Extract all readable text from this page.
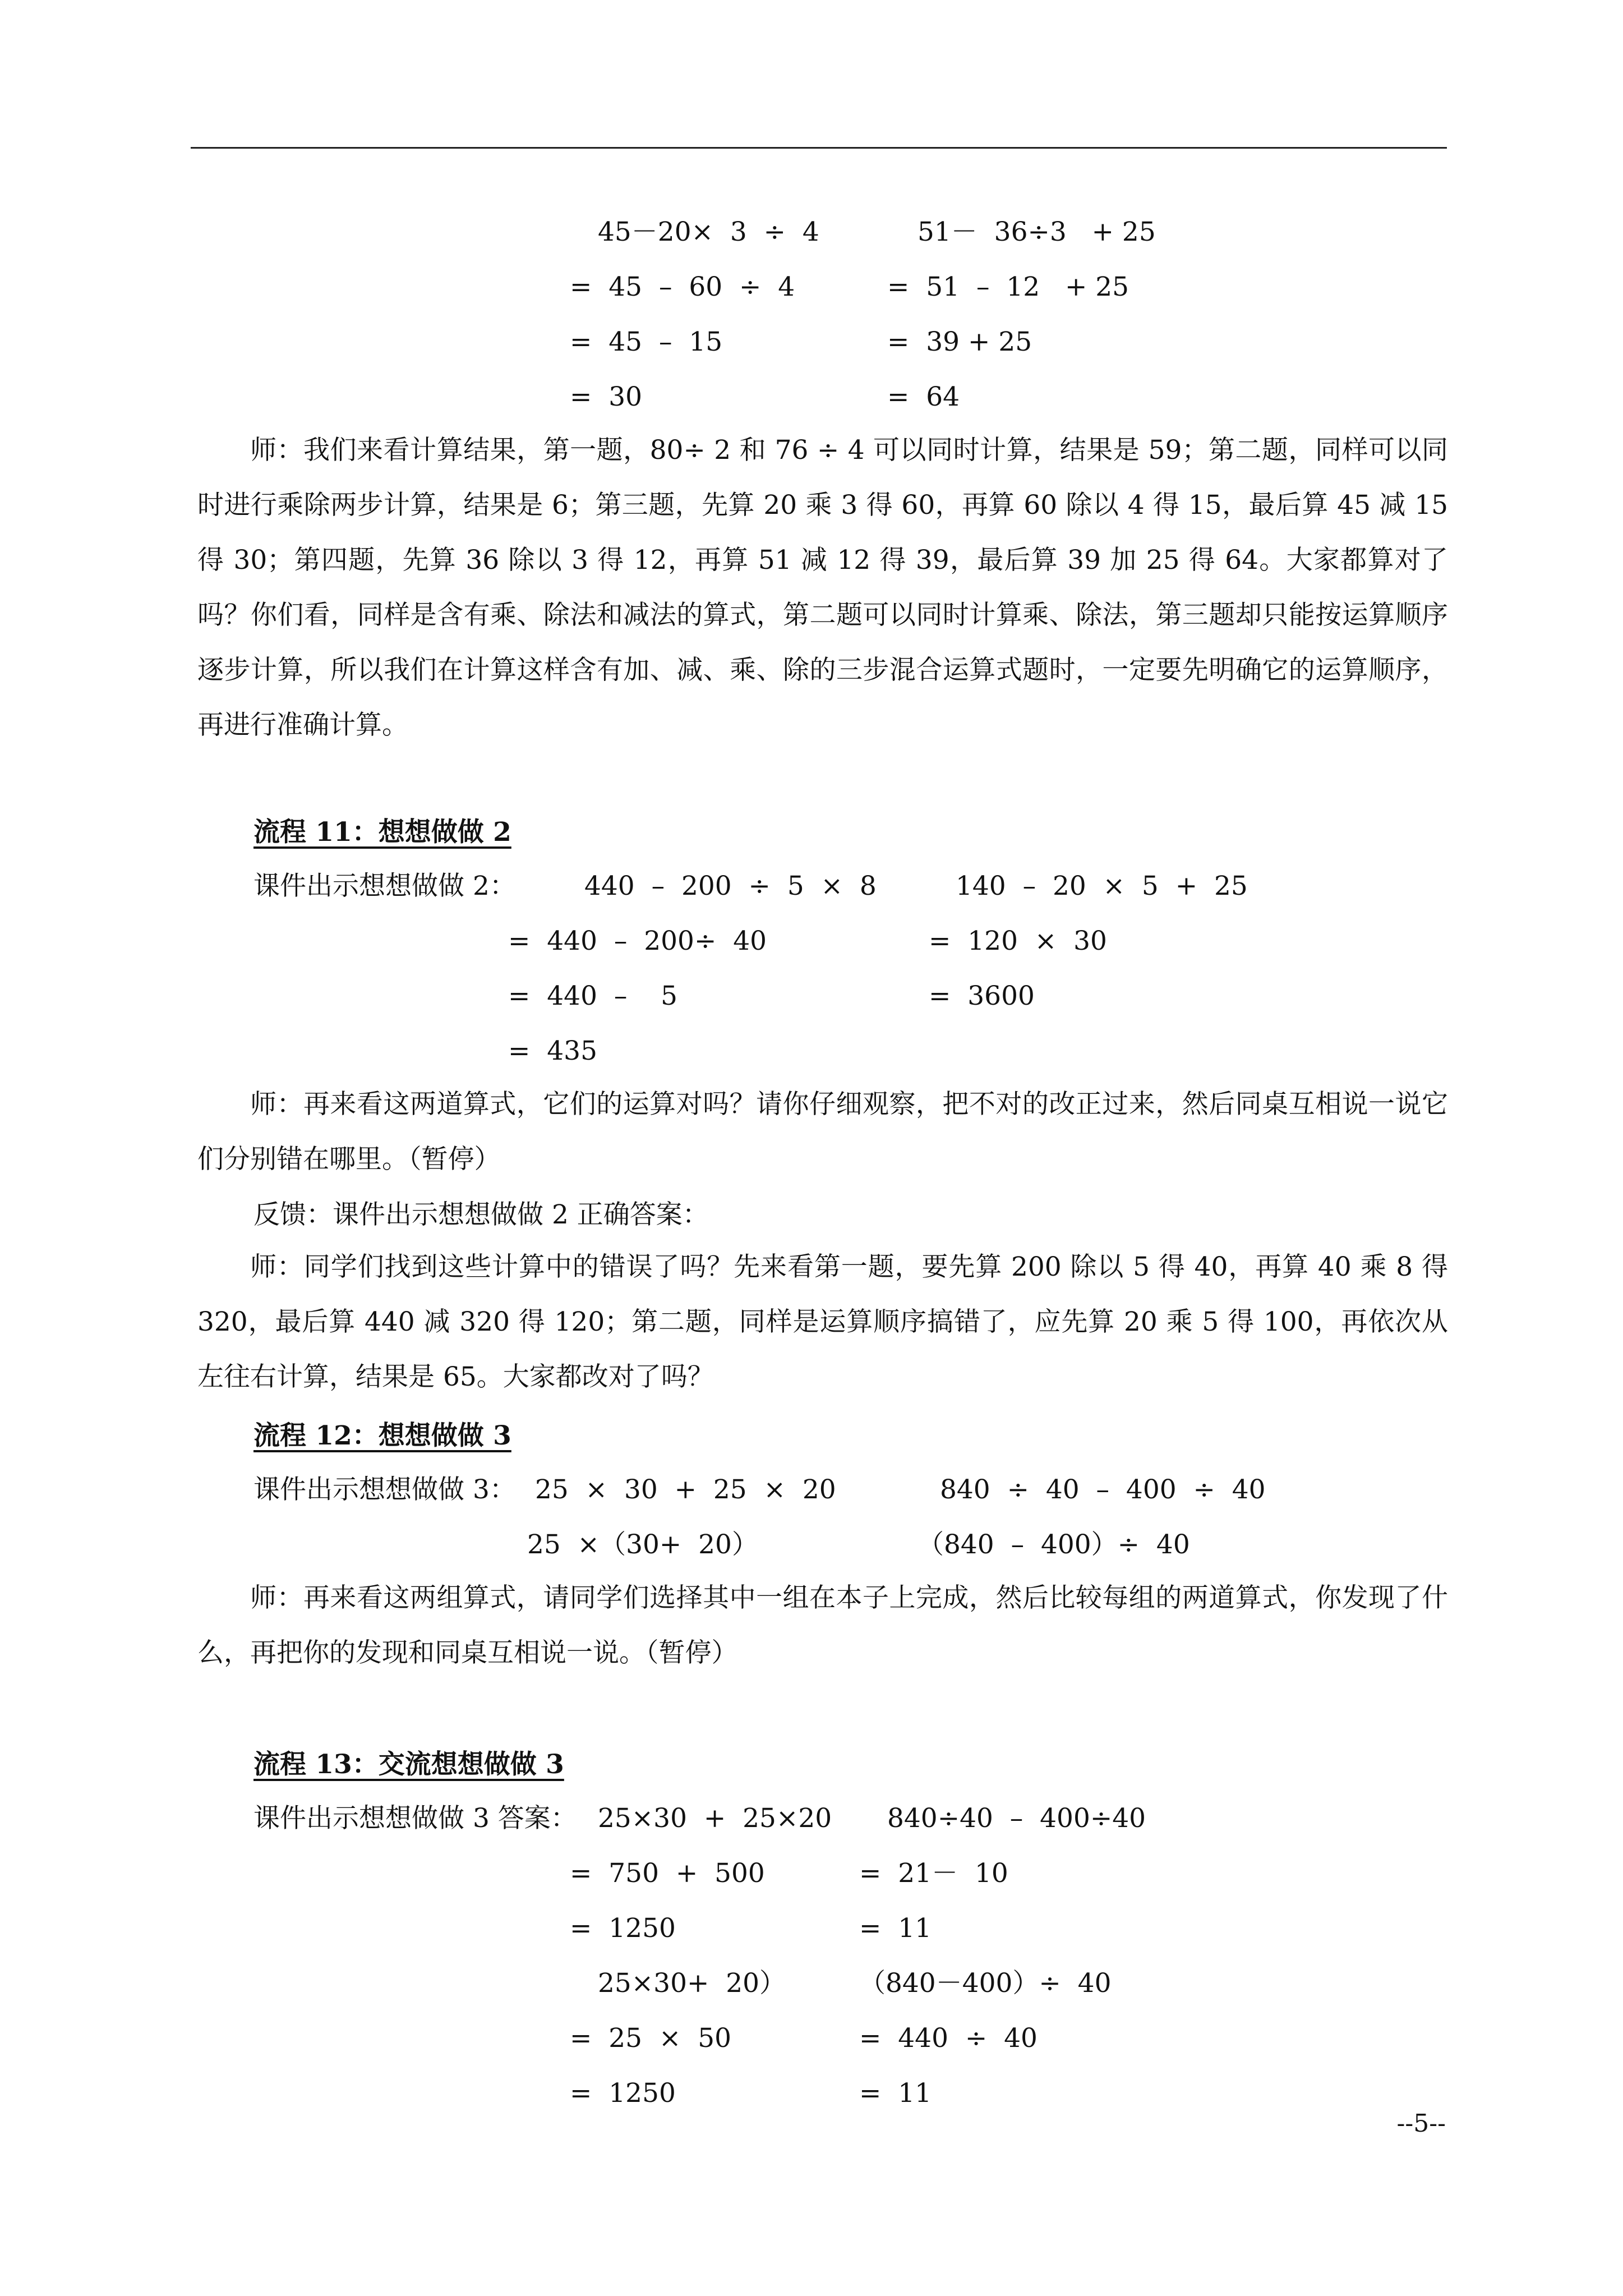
45－20×  3  ÷  4
=  45  –  60  ÷  4
=  45  –  15
=  30
51－  36÷3   + 25
=  51  –  12   + 25
=  39 + 25
=  64
师：我们来看计算结果，第一题，80÷ 2 和 76 ÷ 4 可以同时计算，结果是 59；第二题，同样可以同时进行乘除两步计算，结果是 6；第三题，先算 20 乘 3 得 60，再算 60 除以 4 得 15，最后算 45 减 15 得 30；第四题，先算 36 除以 3 得 12，再算 51 减 12 得 39，最后算 39 加 25 得 64。大家都算对了吗？你们看，同样是含有乘、除法和减法的算式，第二题可以同时计算乘、除法，第三题却只能按运算顺序逐步计算，所以我们在计算这样含有加、减、乘、除的三步混合运算式题时，一定要先明确它的运算顺序，再进行准确计算。
流程 11：想想做做 2
课件出示想想做做 2：	440  –  200  ÷  5  ×  8
=  440  –  200÷  40
=  440  –    5
=  435
140  –  20  ×  5  +  25
=  120  ×  30
=  3600
师：再来看这两道算式，它们的运算对吗？请你仔细观察，把不对的改正过来，然后同桌互相说一说它们分别错在哪里。（暂停）
反馈：课件出示想想做做 2 正确答案：
师：同学们找到这些计算中的错误了吗？先来看第一题，要先算 200 除以 5 得 40，再算 40 乘 8 得 320，最后算 440 减 320 得 120；第二题，同样是运算顺序搞错了，应先算 20 乘 5 得 100，再依次从左往右计算，结果是 65。大家都改对了吗？
流程 12：想想做做 3
课件出示想想做做 3： 25  ×  30  +  25  ×  20
25  ×（30+  20）
840  ÷  40  –  400  ÷  40
（840  –  400）÷  40
师：再来看这两组算式，请同学们选择其中一组在本子上完成，然后比较每组的两道算式，你发现了什么，再把你的发现和同桌互相说一说。（暂停）
流程 13：交流想想做做 3
课件出示想想做做 3 答案： 25×30  +  25×20
=  750  +  500
=  1250
25×30+  20）
=  25  ×  50
=  1250
840÷40  –  400÷40
=  21－  10
=  11
（840－400）÷  40
=  440  ÷  40
=  11
--5--
